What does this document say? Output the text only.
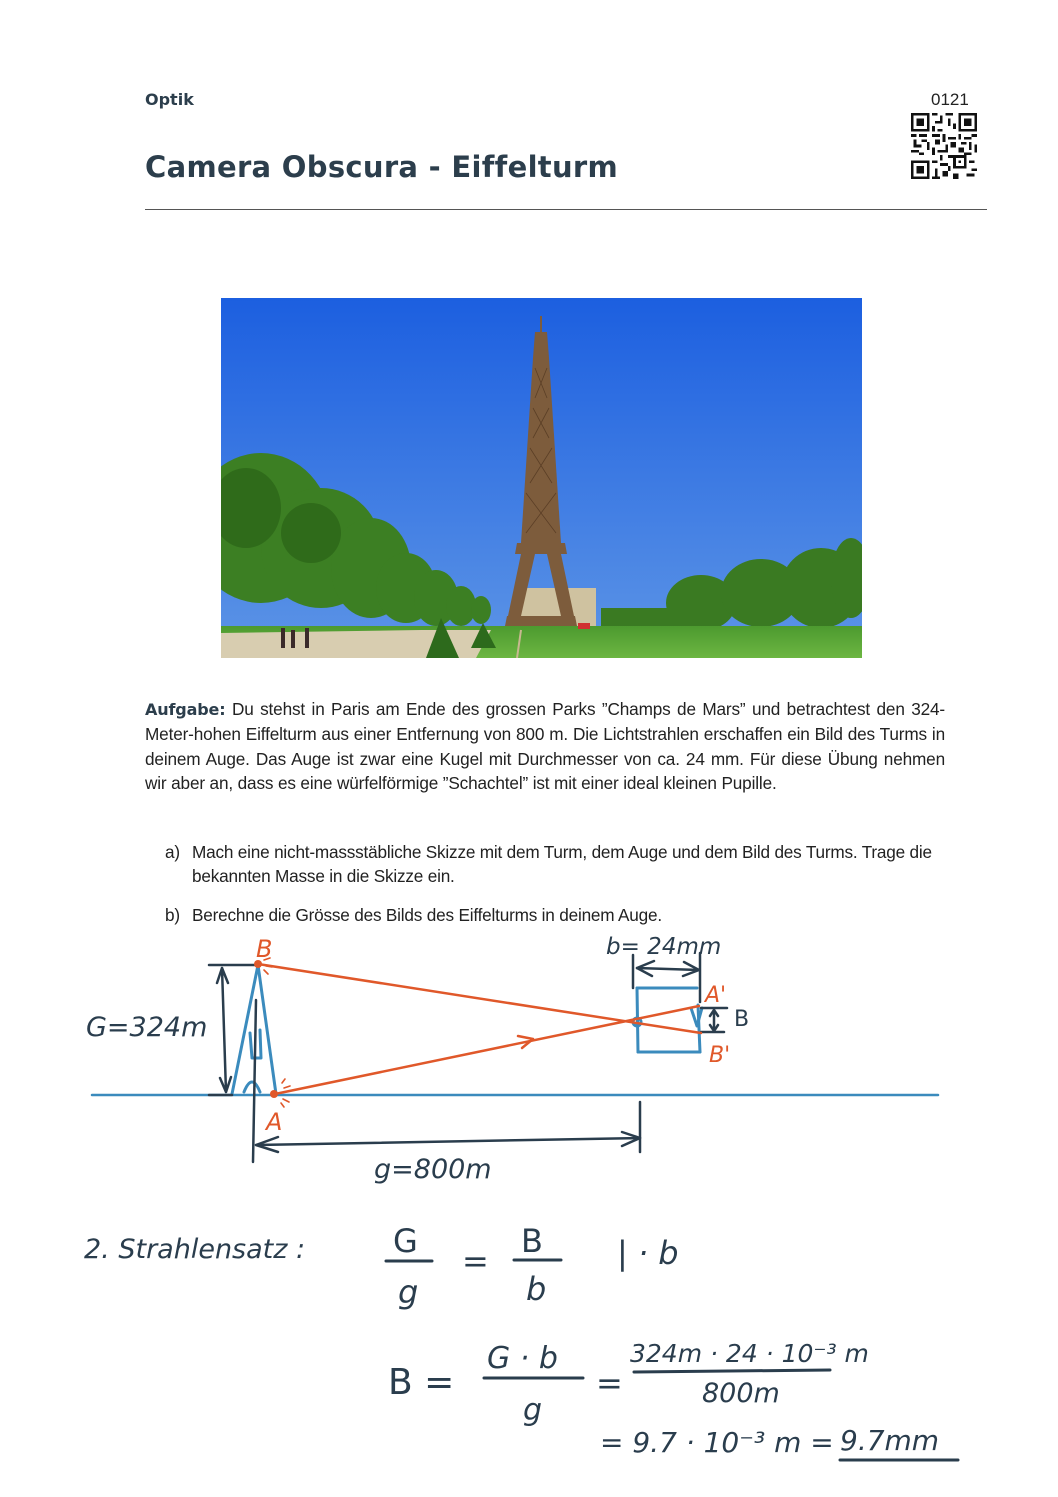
Optik
Camera Obscura - Eiffelturm
0121
Aufgabe: Du stehst in Paris am Ende des grossen Parks ”Champs de Mars” und betrachtest den 324-Meter-hohen Eiffelturm aus einer Entfernung von 800 m. Die Lichtstrahlen erschaffen ein Bild des Turms in deinem Auge. Das Auge ist zwar eine Kugel mit Durchmesser von ca. 24 mm. Für diese Übung nehmen wir aber an, dass es eine würfelförmige ”Schachtel” ist mit einer ideal kleinen Pupille.
a) Mach eine nicht-massstäbliche Skizze mit dem Turm, dem Auge und dem Bild des Turms. Trage die bekannten Masse in die Skizze ein.
b) Berechne die Grösse des Bilds des Eiffelturms in deinem Auge.
B
A
A'
B'
B
G=324m
g=800m
b= 24mm
2. Strahlensatz :	G
g
=
B
b
| · b
B =
G · b
g
=
324m · 24 · 10⁻³ m
800m
= 9.7 · 10⁻³ m = 9.7mm
